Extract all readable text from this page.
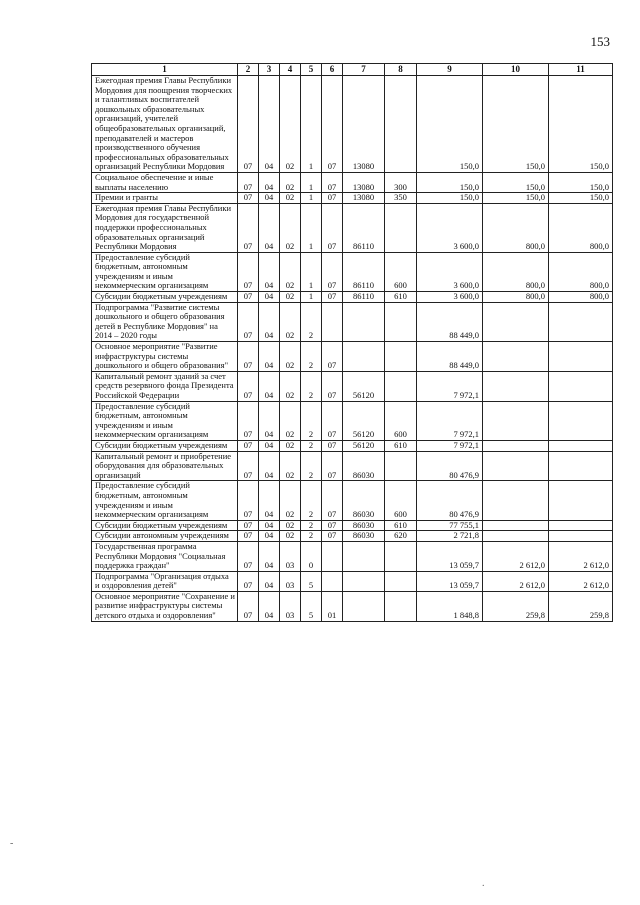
153
1	2	3	4	5	6	7	8	9	10	11
Ежегодная премия Главы Республики Мордовия для поощрения творческих и талантливых воспитателей дошкольных образовательных организаций, учителей общеобразовательных организаций, преподавателей и мастеров производственного обучения профессиональных образовательных организаций Республики Мордовия	07	04	02	1	07	13080		150,0	150,0	150,0
Социальное обеспечение и иные выплаты населению	07	04	02	1	07	13080	300	150,0	150,0	150,0
Премии и гранты	07	04	02	1	07	13080	350	150,0	150,0	150,0
Ежегодная премия Главы Республики Мордовия для государственной поддержки профессиональных образовательных организаций Республики Мордовия	07	04	02	1	07	86110		3 600,0	800,0	800,0
Предоставление субсидий бюджетным, автономным учреждениям и иным некоммерческим организациям	07	04	02	1	07	86110	600	3 600,0	800,0	800,0
Субсидии бюджетным учреждениям	07	04	02	1	07	86110	610	3 600,0	800,0	800,0
Подпрограмма "Развитие системы дошкольного и общего образования детей в Республике Мордовия" на 2014 – 2020 годы	07	04	02	2				88 449,0		
Основное мероприятие "Развитие инфраструктуры системы дошкольного и общего образования"	07	04	02	2	07			88 449,0		
Капитальный ремонт зданий за счет средств резервного фонда Президента Российской Федерации	07	04	02	2	07	56120		7 972,1		
Предоставление субсидий бюджетным, автономным учреждениям и иным некоммерческим организациям	07	04	02	2	07	56120	600	7 972,1		
Субсидии бюджетным учреждениям	07	04	02	2	07	56120	610	7 972,1		
Капитальный ремонт и приобретение оборудования для образовательных организаций	07	04	02	2	07	86030		80 476,9		
Предоставление субсидий бюджетным, автономным учреждениям и иным некоммерческим организациям	07	04	02	2	07	86030	600	80 476,9		
Субсидии бюджетным учреждениям	07	04	02	2	07	86030	610	77 755,1		
Субсидии автономным учреждениям	07	04	02	2	07	86030	620	2 721,8		
Государственная программа Республики Мордовия "Социальная поддержка граждан"	07	04	03	0				13 059,7	2 612,0	2 612,0
Подпрограмма "Организация отдыха и оздоровления детей"	07	04	03	5				13 059,7	2 612,0	2 612,0
Основное мероприятие "Сохранение и развитие инфраструктуры системы детского отдыха и оздоровления"	07	04	03	5	01			1 848,8	259,8	259,8
-
.
